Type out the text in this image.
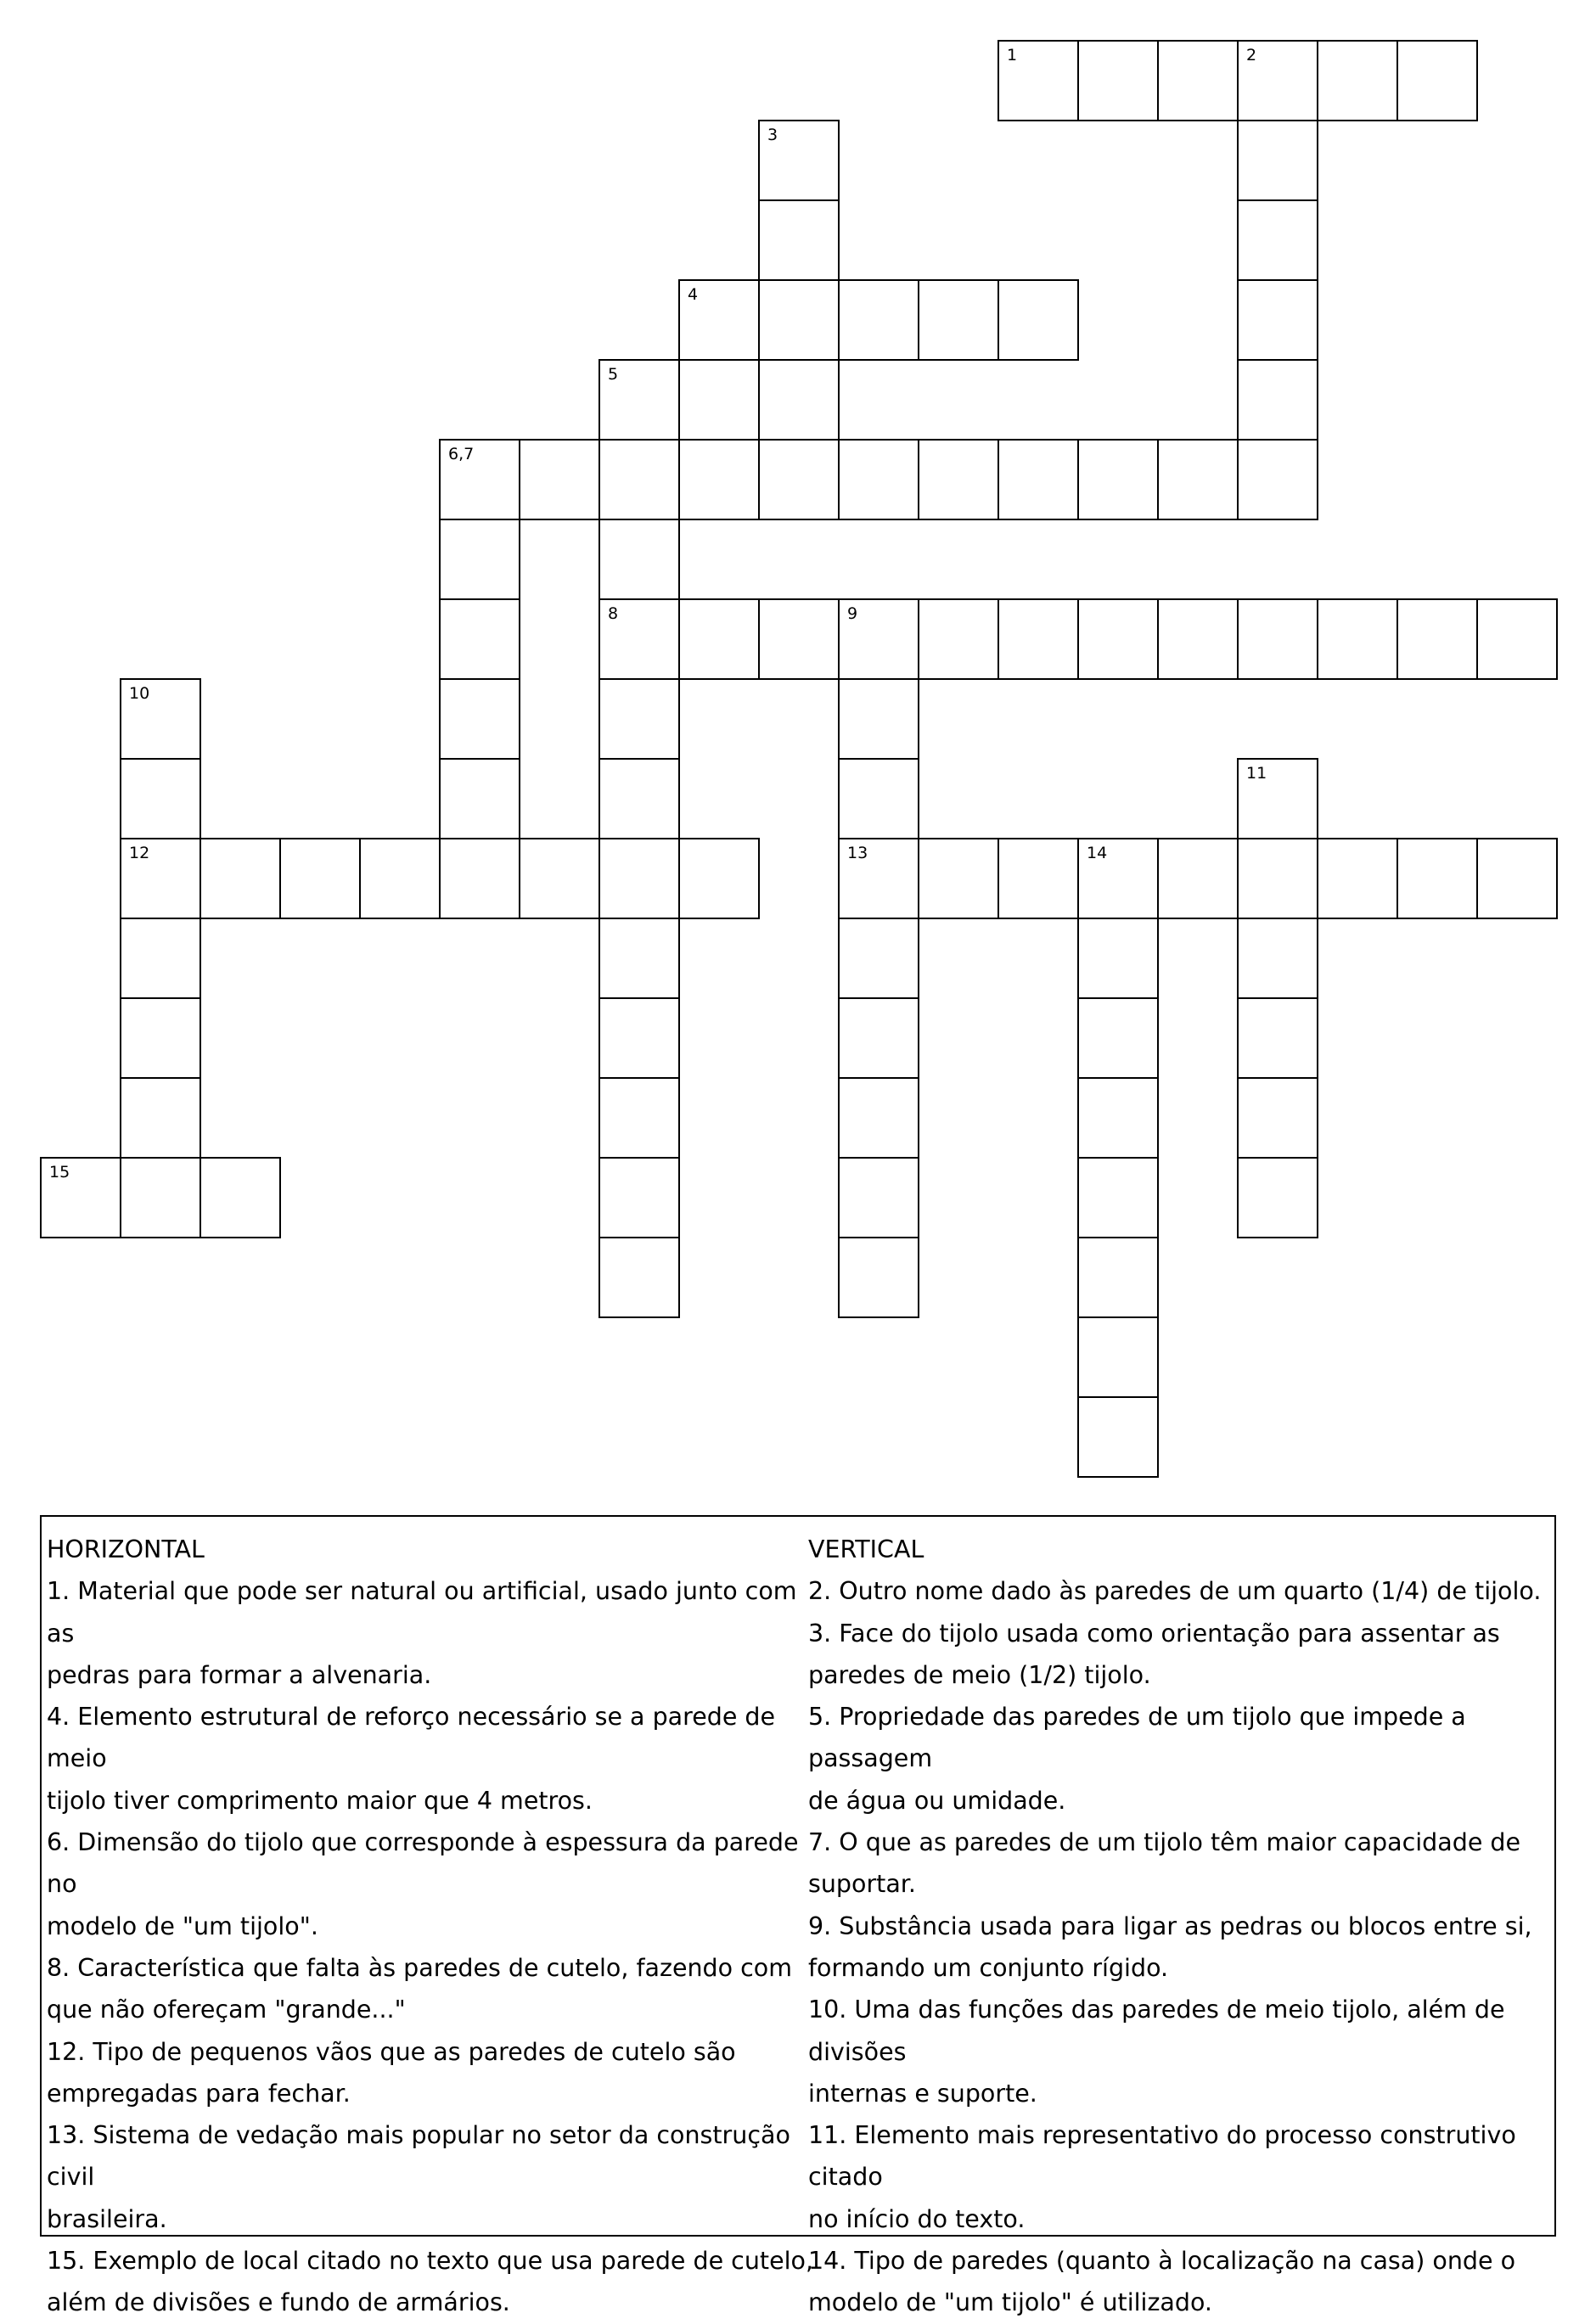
1	2
3
4
5
6,7
8	9
10
11
12	13	14
15
HORIZONTAL
1. Material que pode ser natural ou artificial, usado junto com as
pedras para formar a alvenaria.
4. Elemento estrutural de reforço necessário se a parede de meio
tijolo tiver comprimento maior que 4 metros.
6. Dimensão do tijolo que corresponde à espessura da parede no
modelo de "um tijolo".
8. Característica que falta às paredes de cutelo, fazendo com
que não ofereçam "grande..."
12. Tipo de pequenos vãos que as paredes de cutelo são
empregadas para fechar.
13. Sistema de vedação mais popular no setor da construção civil
brasileira.
15. Exemplo de local citado no texto que usa parede de cutelo,
além de divisões e fundo de armários.
VERTICAL
2. Outro nome dado às paredes de um quarto (1/4) de tijolo.
3. Face do tijolo usada como orientação para assentar as
paredes de meio (1/2) tijolo.
5. Propriedade das paredes de um tijolo que impede a passagem
de água ou umidade.
7. O que as paredes de um tijolo têm maior capacidade de
suportar.
9. Substância usada para ligar as pedras ou blocos entre si,
formando um conjunto rígido.
10. Uma das funções das paredes de meio tijolo, além de divisões
internas e suporte.
11. Elemento mais representativo do processo construtivo citado
no início do texto.
14. Tipo de paredes (quanto à localização na casa) onde o
modelo de "um tijolo" é utilizado.
